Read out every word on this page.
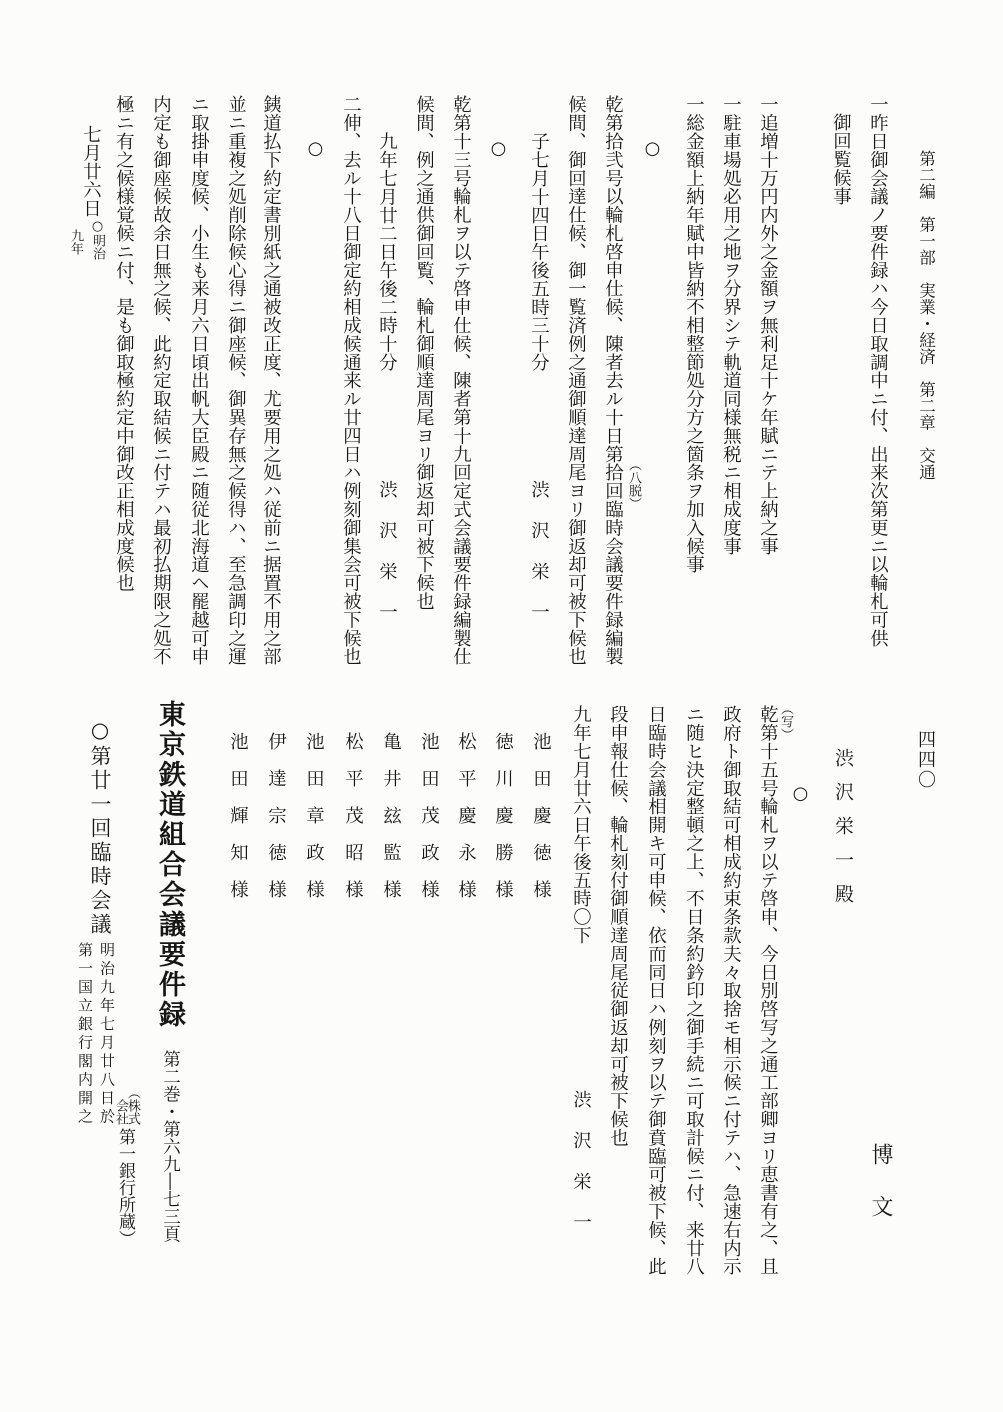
第二編　第一部　実業・経済　第二章　交通
四四〇
一昨日御会議ノ要件録ハ今日取調中ニ付、出来次第更ニ以輪札可供
御回覧候事
一追増十万円内外之金額ヲ無利足十ケ年賦ニテ上納之事
一駐車場処必用之地ヲ分界シテ軌道同様無税ニ相成度事
一総金額上納年賦中皆納不相整節処分方之箇条ヲ加入候事
○
乾第拾弐号以輪札啓申仕候、陳者去ル十日第拾回臨時会議要件録編製 （八脱）
候間、御回達仕候、御一覧済例之通御順達周尾ヨリ御返却可被下候也
子七月十四日午後五時三十分
渋　沢　栄　一
○
乾第十三号輪札ヲ以テ啓申仕候、陳者第十九回定式会議要件録編製仕
候間、例之通供御回覧、輪札御順達周尾ヨリ御返却可被下候也
九年七月廿二日午後二時十分
渋　沢　栄　一
二伸、去ル十八日御定約相成候通来ル廿四日ハ例刻御集会可被下候也
○
銕道払下約定書別紙之通被改正度、尤要用之処ハ従前ニ据置不用之部
並ニ重複之処削除候心得ニ御座候、御異存無之候得ハ、至急調印之運
ニ取掛申度候、小生も来月六日頃出帆大臣殿ニ随従北海道ヘ罷越可申
内定も御座候故余日無之候、此約定取結候ニ付テハ最初払期限之処不
極ニ有之候様覚候ニ付、是も御取極約定中御改正相成度候也
七月廿六日
○明治
九年
博　文
渋沢栄一殿
○
（写）
乾第十五号輪札ヲ以テ啓申、今日別啓写之通工部卿ヨリ恵書有之、且
政府ト御取結可相成約束条款夫々取捨モ相示候ニ付テハ、急速右内示
ニ随ヒ決定整頓之上、不日条約鈐印之御手続ニ可取計候ニ付、来廿八
日臨時会議相開キ可申候、依而同日ハ例刻ヲ以テ御賁臨可被下候、此
段申報仕候、輪札刻付御順達周尾従御返却可被下候也
九年七月廿六日午後五時〇下
渋　沢　栄　一
池田慶徳様
徳川慶勝様
松平慶永様
池田茂政様
亀井玆監様
松平茂昭様
池田章政様
伊達宗徳様
池田輝知様
東京鉄道組合会議要件録
第二巻・第六九―七三頁
（
株式
会社
第一銀行所蔵）
○第廿一回臨時会議
明治九年七月廿八日於
第一国立銀行閣内開之
